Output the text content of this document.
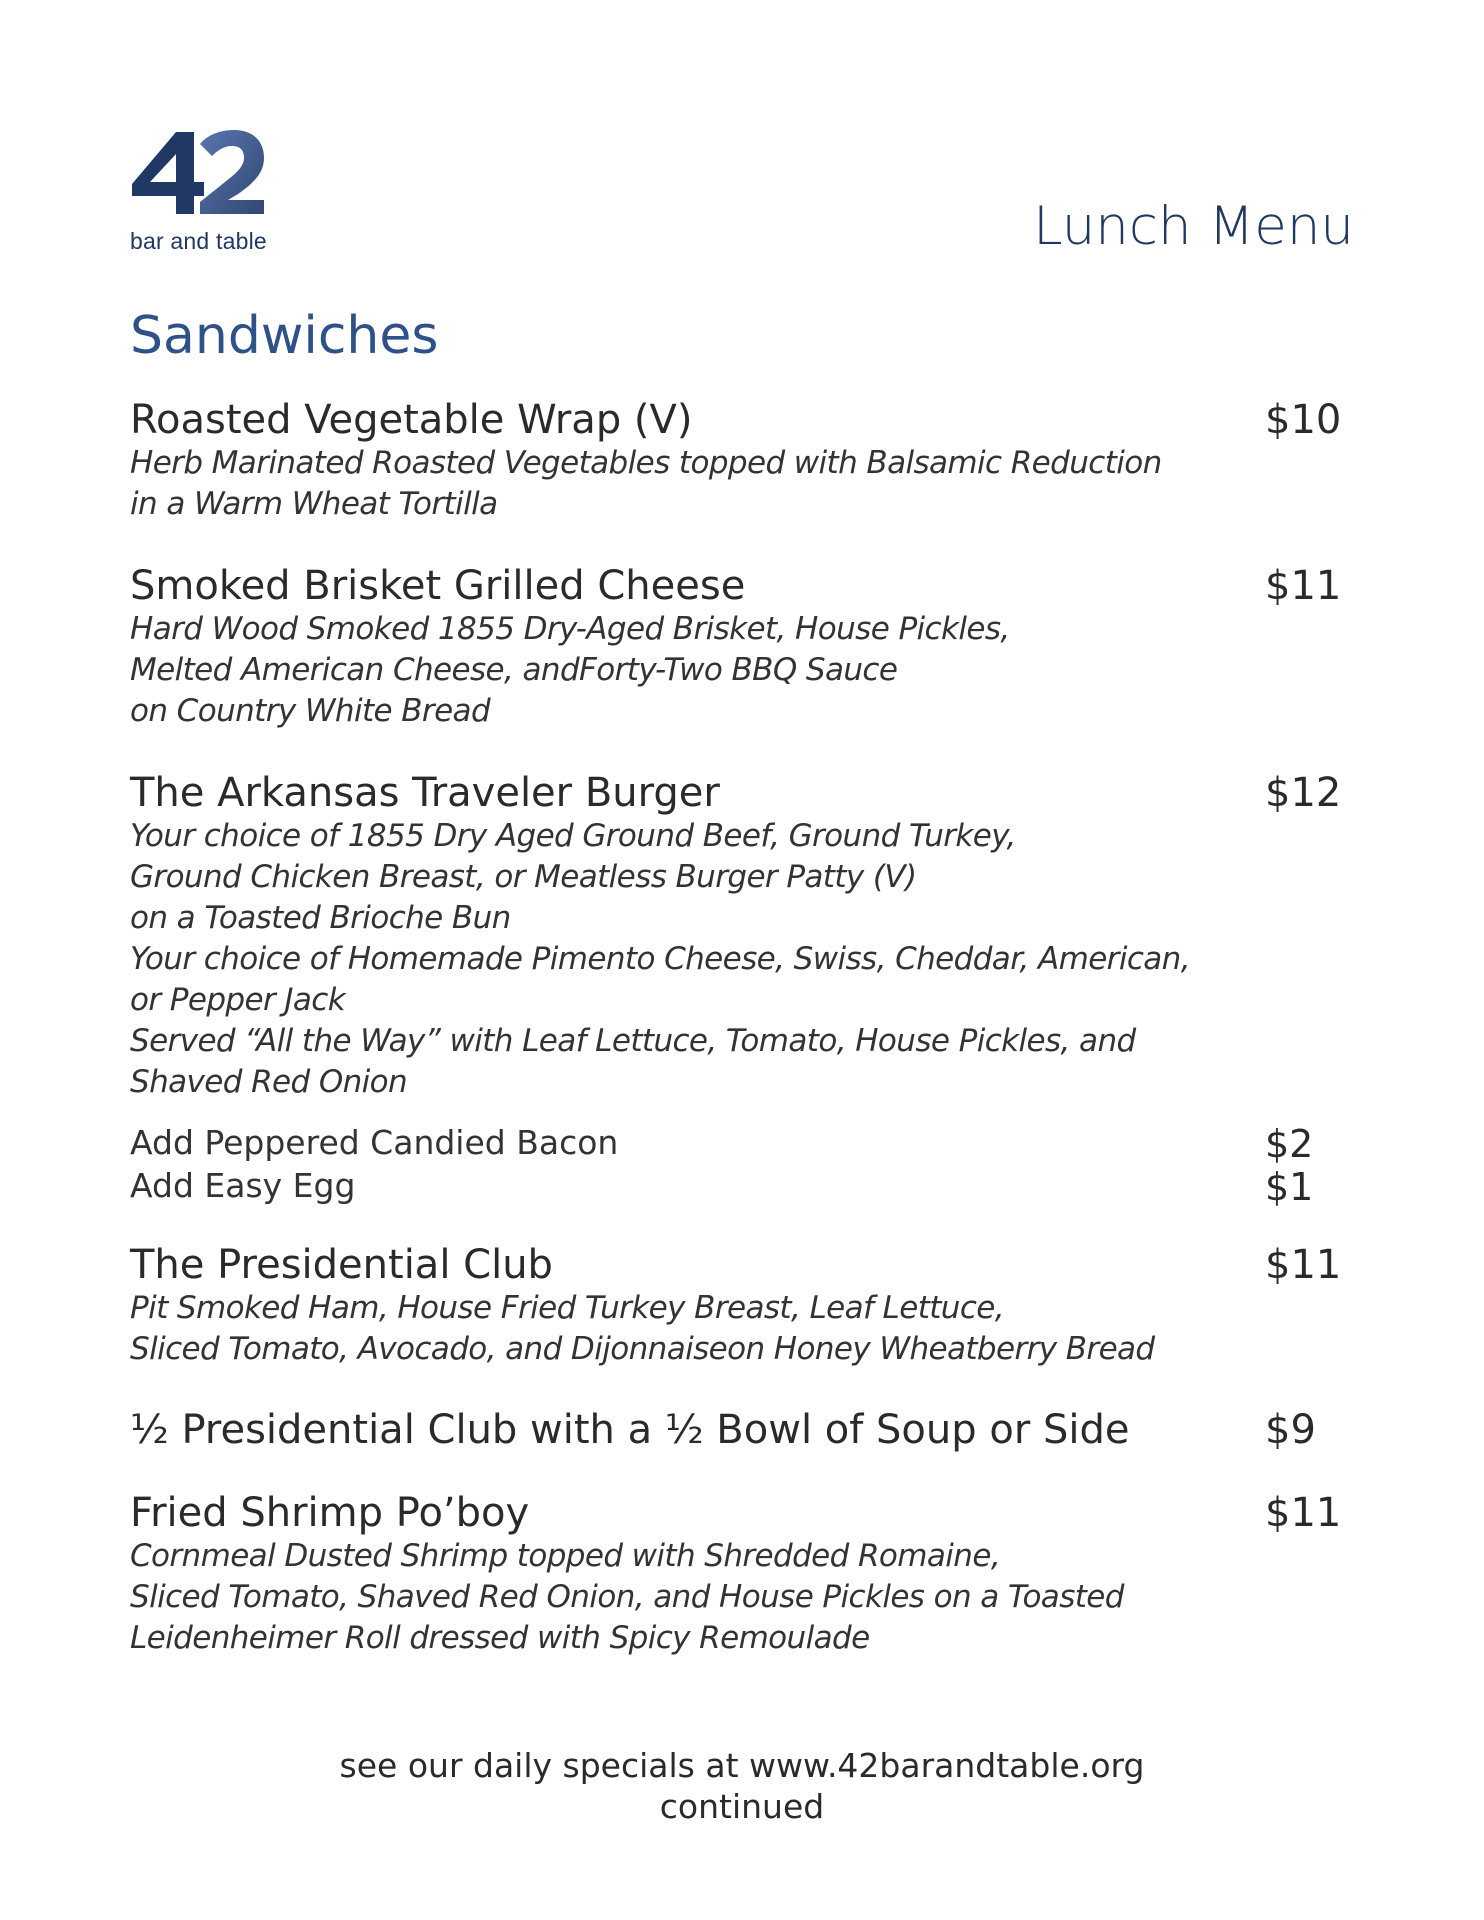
bar and table	Lunch Menu
Sandwiches
Roasted Vegetable Wrap (V)	$10
Herb Marinated Roasted Vegetables topped with Balsamic Reduction
in a Warm Wheat Tortilla
Smoked Brisket Grilled Cheese	$11
Hard Wood Smoked 1855 Dry-Aged Brisket, House Pickles,
Melted American Cheese, andForty-Two BBQ Sauce
on Country White Bread
The Arkansas Traveler Burger	$12
Your choice of 1855 Dry Aged Ground Beef, Ground Turkey,
Ground Chicken Breast, or Meatless Burger Patty (V)
on a Toasted Brioche Bun
Your choice of Homemade Pimento Cheese, Swiss, Cheddar, American,
or Pepper Jack
Served “All the Way” with Leaf Lettuce, Tomato, House Pickles, and
Shaved Red Onion
Add Peppered Candied Bacon	$2
Add Easy Egg	$1
The Presidential Club	$11
Pit Smoked Ham, House Fried Turkey Breast, Leaf Lettuce,
Sliced Tomato, Avocado, and Dijonnaiseon Honey Wheatberry Bread
½ Presidential Club with a ½ Bowl of Soup or Side	$9
Fried Shrimp Po’boy	$11
Cornmeal Dusted Shrimp topped with Shredded Romaine,
Sliced Tomato, Shaved Red Onion, and House Pickles on a Toasted
Leidenheimer Roll dressed with Spicy Remoulade
see our daily specials at www.42barandtable.org
continued
